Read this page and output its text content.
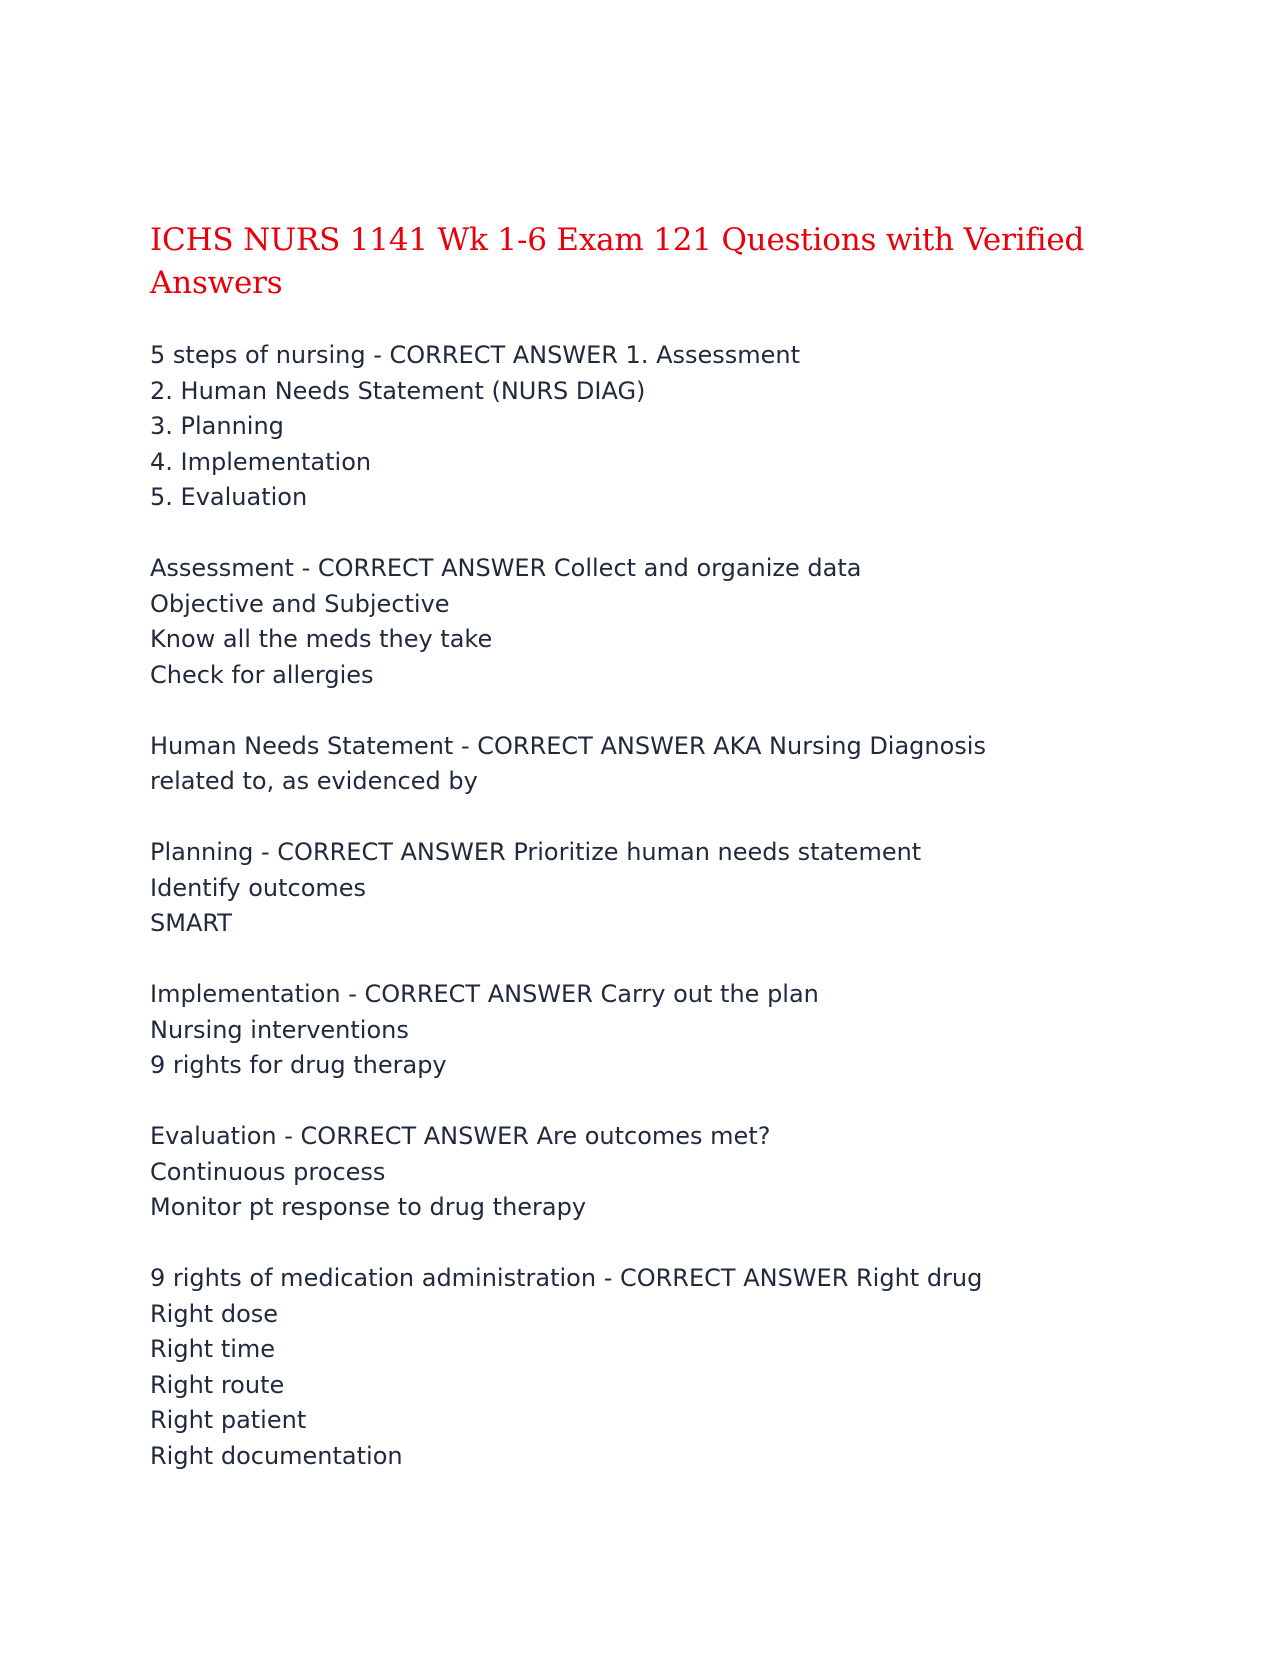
ICHS NURS 1141 Wk 1-6 Exam 121 Questions with Verified Answers

5 steps of nursing - CORRECT ANSWER 1. Assessment

2. Human Needs Statement (NURS DIAG)

3. Planning

4. Implementation

5. Evaluation

Assessment - CORRECT ANSWER Collect and organize data

Objective and Subjective

Know all the meds they take

Check for allergies

Human Needs Statement - CORRECT ANSWER AKA Nursing Diagnosis

related to, as evidenced by

Planning - CORRECT ANSWER Prioritize human needs statement

Identify outcomes

SMART

Implementation - CORRECT ANSWER Carry out the plan

Nursing interventions

9 rights for drug therapy

Evaluation - CORRECT ANSWER Are outcomes met?

Continuous process

Monitor pt response to drug therapy

9 rights of medication administration - CORRECT ANSWER Right drug

Right dose

Right time

Right route

Right patient

Right documentation
